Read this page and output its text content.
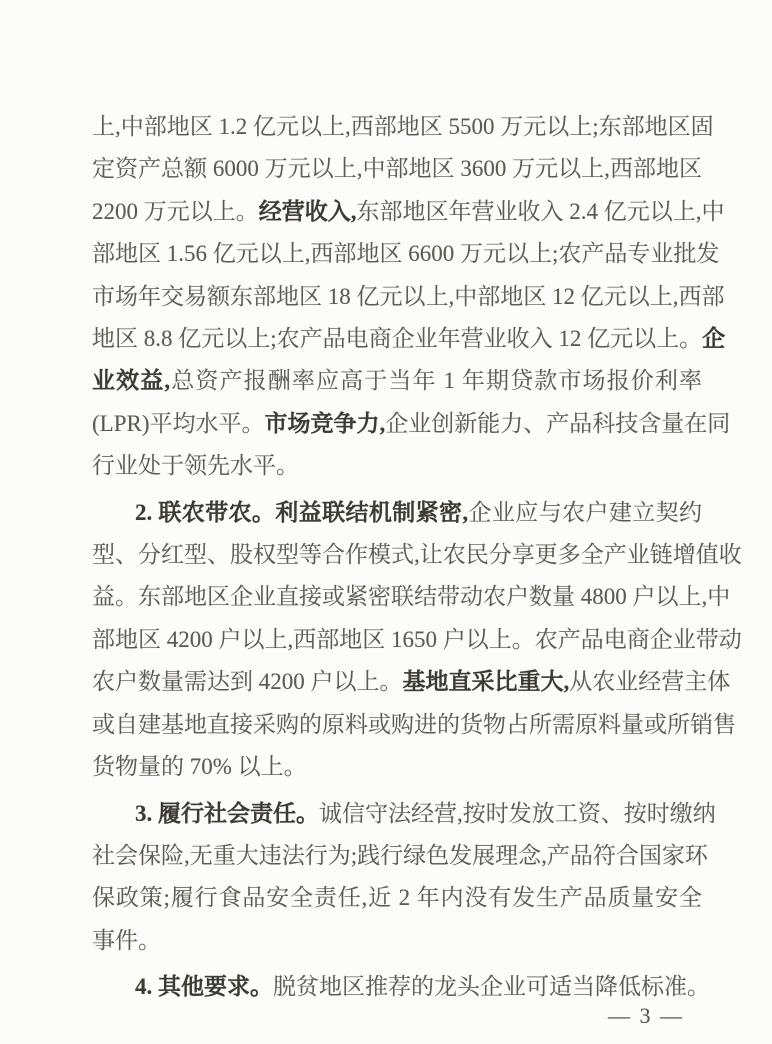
上,中部地区 1.2 亿元以上,西部地区 5500 万元以上;东部地区固
定资产总额 6000 万元以上,中部地区 3600 万元以上,西部地区
2200 万元以上。经营收入,东部地区年营业收入 2.4 亿元以上,中
部地区 1.56 亿元以上,西部地区 6600 万元以上;农产品专业批发
市场年交易额东部地区 18 亿元以上,中部地区 12 亿元以上,西部
地区 8.8 亿元以上;农产品电商企业年营业收入 12 亿元以上。企
业效益,总资产报酬率应高于当年 1 年期贷款市场报价利率
(LPR)平均水平。市场竞争力,企业创新能力、产品科技含量在同
行业处于领先水平。
2. 联农带农。利益联结机制紧密,企业应与农户建立契约
型、分红型、股权型等合作模式,让农民分享更多全产业链增值收
益。东部地区企业直接或紧密联结带动农户数量 4800 户以上,中
部地区 4200 户以上,西部地区 1650 户以上。农产品电商企业带动
农户数量需达到 4200 户以上。基地直采比重大,从农业经营主体
或自建基地直接采购的原料或购进的货物占所需原料量或所销售
货物量的 70% 以上。
3. 履行社会责任。诚信守法经营,按时发放工资、按时缴纳
社会保险,无重大违法行为;践行绿色发展理念,产品符合国家环
保政策;履行食品安全责任,近 2 年内没有发生产品质量安全
事件。
4. 其他要求。脱贫地区推荐的龙头企业可适当降低标准。
— 3 —
